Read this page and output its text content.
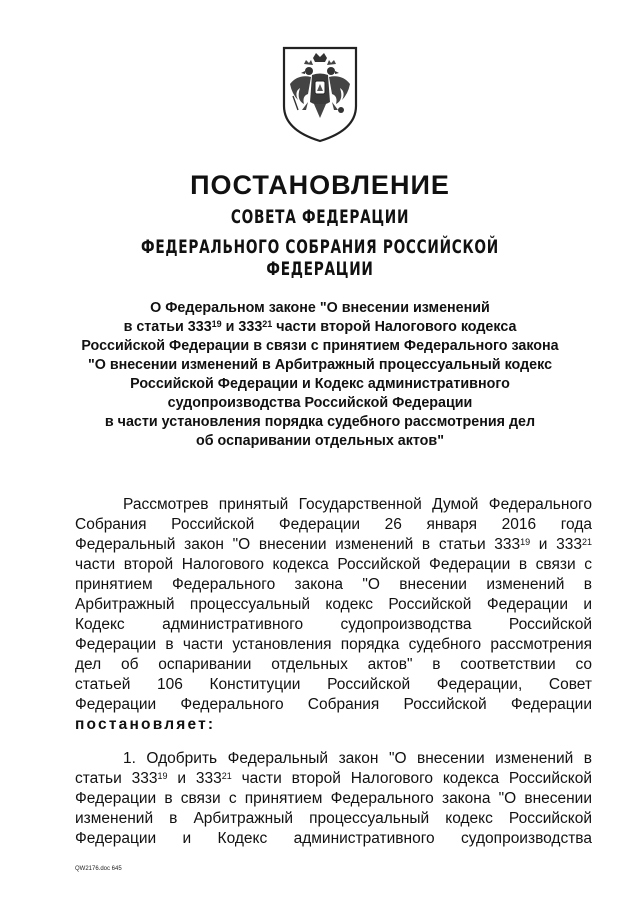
ПОСТАНОВЛЕНИЕ
СОВЕТА ФЕДЕРАЦИИ
ФЕДЕРАЛЬНОГО СОБРАНИЯ РОССИЙСКОЙ ФЕДЕРАЦИИ
О Федеральном законе "О внесении изменений
в статьи $333^{19}$ и $333^{21}$ части второй Налогового кодекса
Российской Федерации в связи с принятием Федерального закона
"О внесении изменений в Арбитражный процессуальный кодекс
Российской Федерации и Кодекс административного
судопроизводства Российской Федерации
в части установления порядка судебного рассмотрения дел
об оспаривании отдельных актов"
Рассмотрев принятый Государственной Думой Федерального
Собрания Российской Федерации 26 января 2016 года
Федеральный закон "О внесении изменений в статьи $333^{19}$ и $333^{21}$
части второй Налогового кодекса Российской Федерации в связи с
принятием Федерального закона "О внесении изменений в
Арбитражный процессуальный кодекс Российской Федерации и
Кодекс административного судопроизводства Российской
Федерации в части установления порядка судебного рассмотрения
дел об оспаривании отдельных актов" в соответствии со
статьей 106 Конституции Российской Федерации, Совет
Федерации Федерального Собрания Российской Федерации
постановляет:
1. Одобрить Федеральный закон "О внесении изменений в
статьи $333^{19}$ и $333^{21}$ части второй Налогового кодекса Российской
Федерации в связи с принятием Федерального закона "О внесении
изменений в Арбитражный процессуальный кодекс Российской
Федерации и Кодекс административного судопроизводства
QW2176.doc 645
